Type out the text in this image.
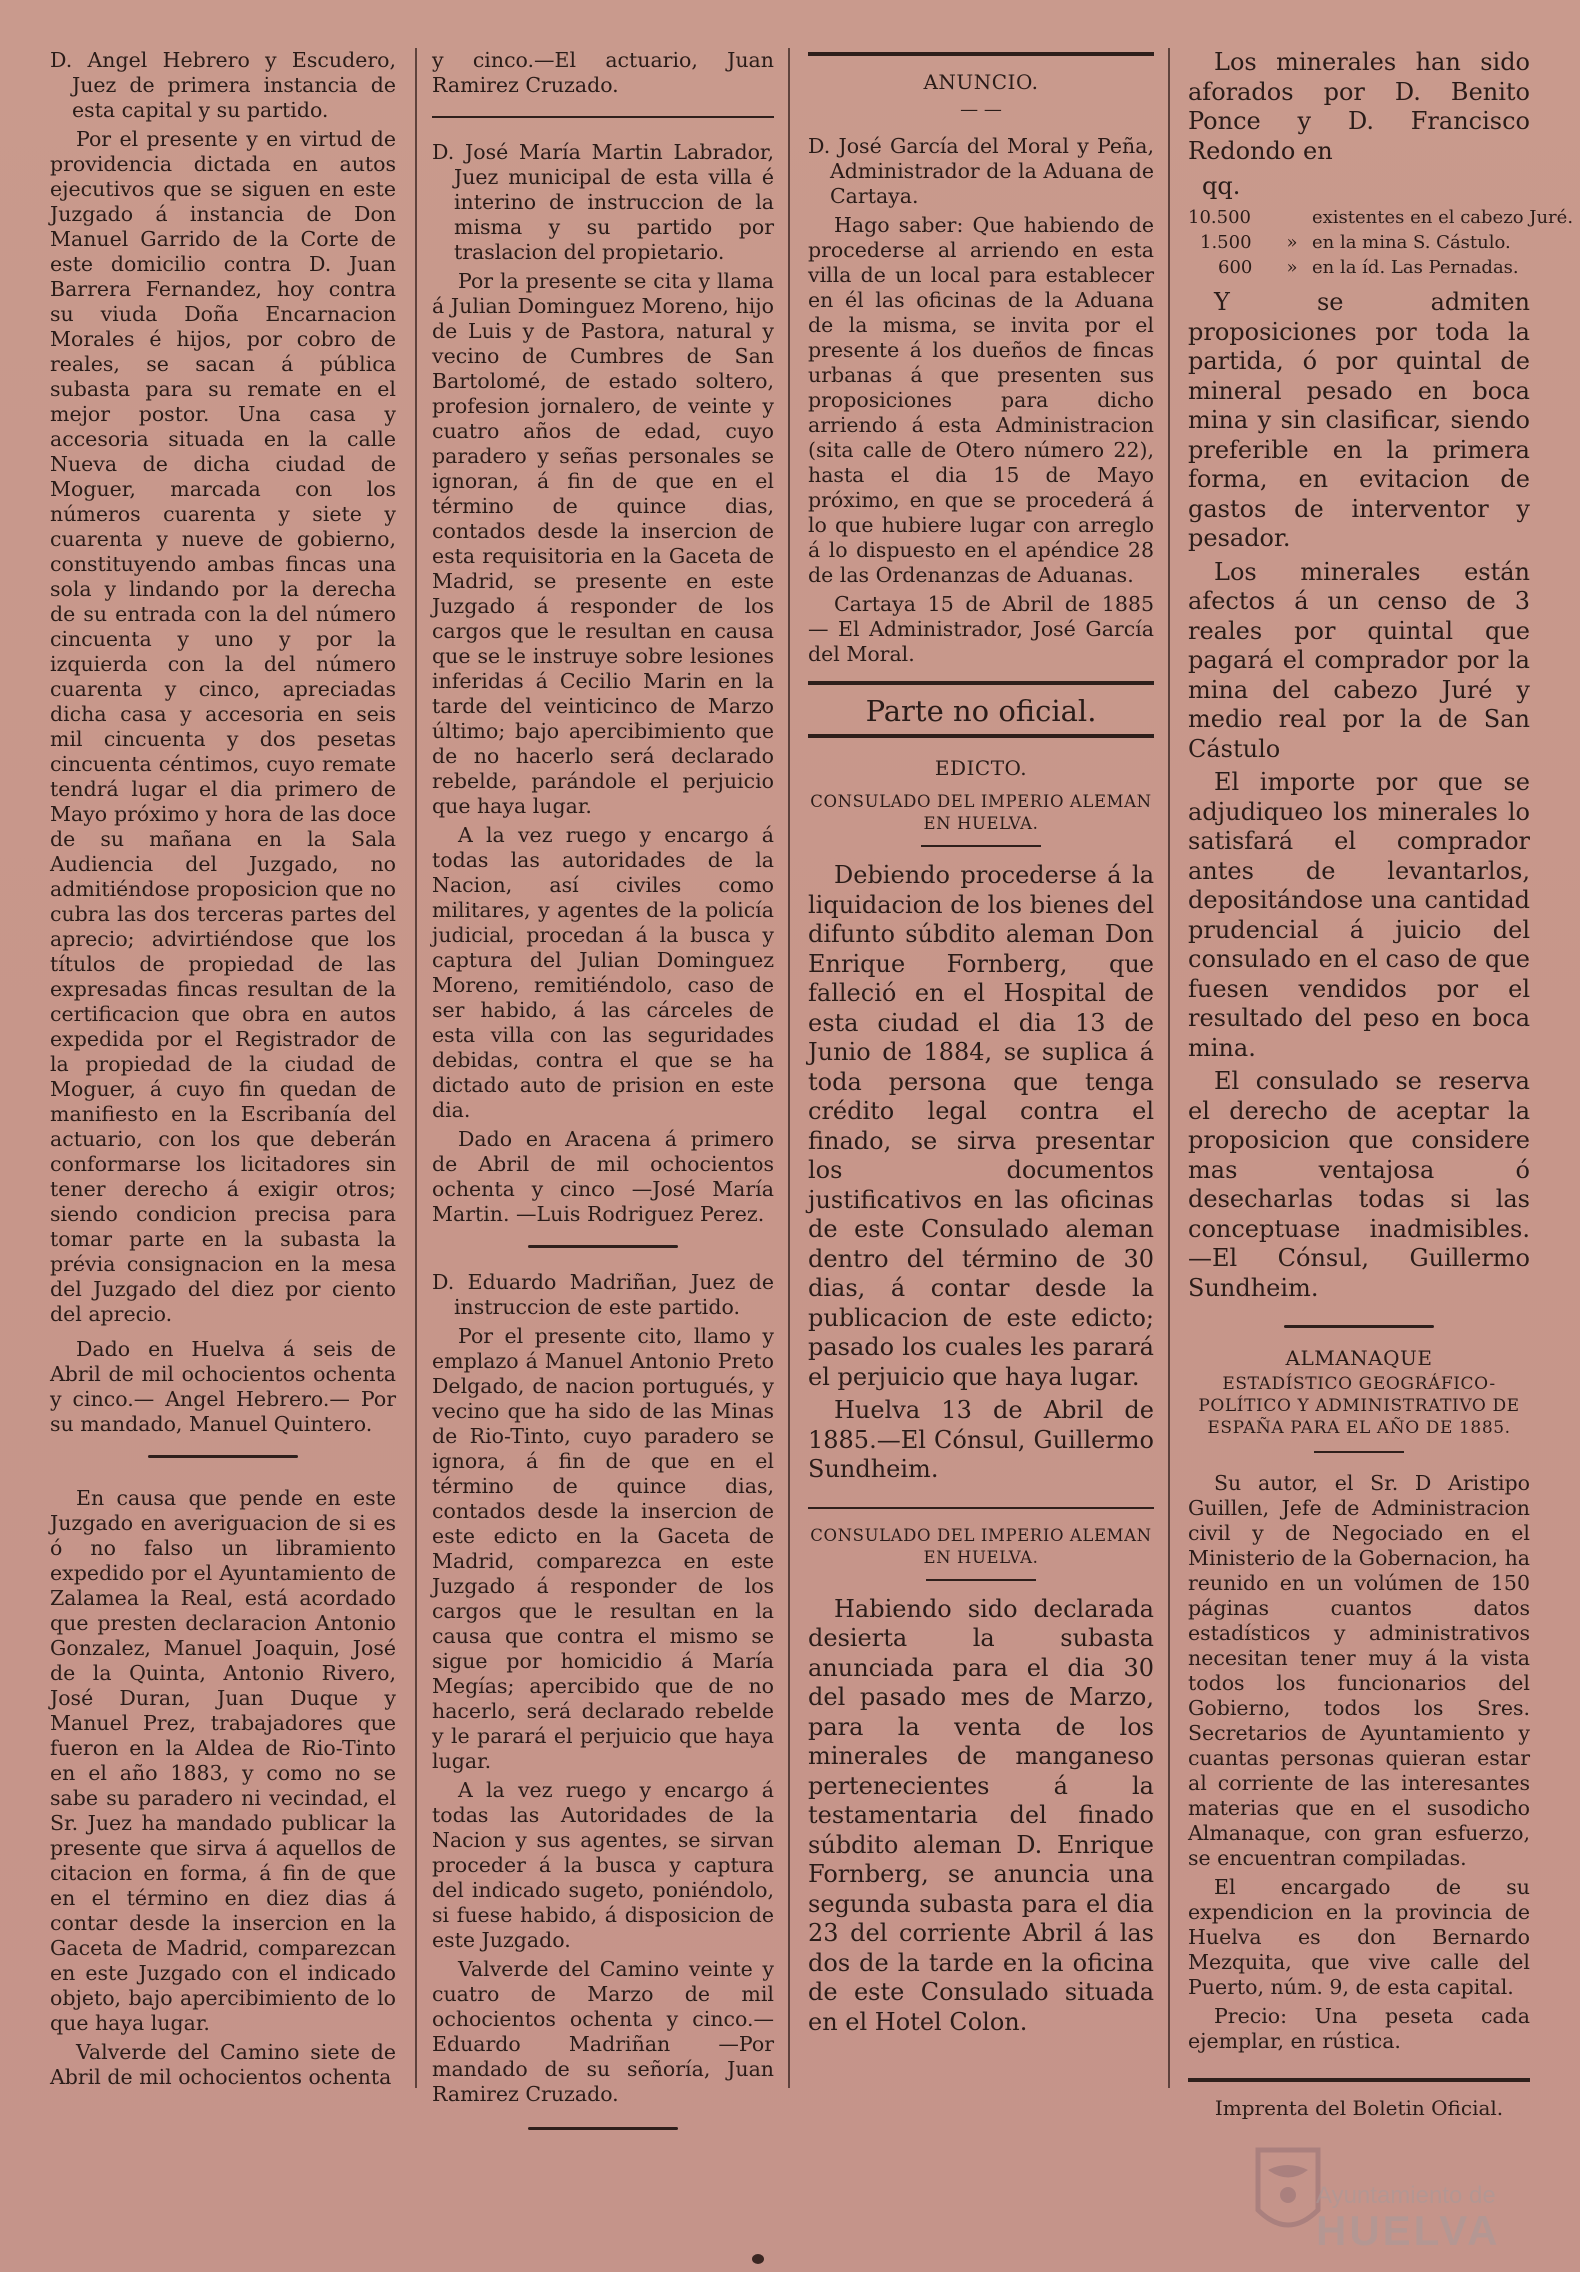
D. Angel Hebrero y Escudero, Juez de primera instancia de esta capital y su partido.

Por el presente y en virtud de providencia dictada en autos ejecutivos que se siguen en este Juzgado á instancia de Don Manuel Garrido de la Corte de este domicilio contra D. Juan Barrera Fernandez, hoy contra su viuda Doña Encarnacion Morales é hijos, por cobro de reales, se sacan á pública subasta para su remate en el mejor postor. Una casa y accesoria situada en la calle Nueva de dicha ciudad de Moguer, marcada con los números cuarenta y siete y cuarenta y nueve de gobierno, constituyendo ambas fincas una sola y lindando por la derecha de su entrada con la del número cincuenta y uno y por la izquierda con la del número cuarenta y cinco, apreciadas dicha casa y accesoria en seis mil cincuenta y dos pesetas cincuenta céntimos, cuyo remate tendrá lugar el dia primero de Mayo próximo y hora de las doce de su mañana en la Sala Audiencia del Juzgado, no admitiéndose proposicion que no cubra las dos terceras partes del aprecio; advirtiéndose que los títulos de propiedad de las expresadas fincas resultan de la certificacion que obra en autos expedida por el Registrador de la propiedad de la ciudad de Moguer, á cuyo fin quedan de manifiesto en la Escribanía del actuario, con los que deberán conformarse los licitadores sin tener derecho á exigir otros; siendo condicion precisa para tomar parte en la subasta la prévia consignacion en la mesa del Juzgado del diez por ciento del aprecio.

Dado en Huelva á seis de Abril de mil ochocientos ochenta y cinco.— Angel Hebrero.— Por su mandado, Manuel Quintero.

En causa que pende en este Juzgado en averiguacion de si es ó no falso un libramiento expedido por el Ayuntamiento de Zalamea la Real, está acordado que presten declaracion Antonio Gonzalez, Manuel Joaquin, José de la Quinta, Antonio Rivero, José Duran, Juan Duque y Manuel Prez, trabajadores que fueron en la Aldea de Rio-Tinto en el año 1883, y como no se sabe su paradero ni vecindad, el Sr. Juez ha mandado publicar la presente que sirva á aquellos de citacion en forma, á fin de que en el término en diez dias á contar desde la insercion en la Gaceta de Madrid, comparezcan en este Juzgado con el indicado objeto, bajo apercibimiento de lo que haya lugar.

Valverde del Camino siete de Abril de mil ochocientos ochenta

y cinco.—El actuario, Juan Ramirez Cruzado.

D. José María Martin Labrador, Juez municipal de esta villa é interino de instruccion de la misma y su partido por traslacion del propietario.

Por la presente se cita y llama á Julian Dominguez Moreno, hijo de Luis y de Pastora, natural y vecino de Cumbres de San Bartolomé, de estado soltero, profesion jornalero, de veinte y cuatro años de edad, cuyo paradero y señas personales se ignoran, á fin de que en el término de quince dias, contados desde la insercion de esta requisitoria en la Gaceta de Madrid, se presente en este Juzgado á responder de los cargos que le resultan en causa que se le instruye sobre lesiones inferidas á Cecilio Marin en la tarde del veinticinco de Marzo último; bajo apercibimiento que de no hacerlo será declarado rebelde, parándole el perjuicio que haya lugar.

A la vez ruego y encargo á todas las autoridades de la Nacion, así civiles como militares, y agentes de la policía judicial, procedan á la busca y captura del Julian Dominguez Moreno, remitiéndolo, caso de ser habido, á las cárceles de esta villa con las seguridades debidas, contra el que se ha dictado auto de prision en este dia.

Dado en Aracena á primero de Abril de mil ochocientos ochenta y cinco —José María Martin. —Luis Rodriguez Perez.

D. Eduardo Madriñan, Juez de instruccion de este partido.

Por el presente cito, llamo y emplazo á Manuel Antonio Preto Delgado, de nacion portugués, y vecino que ha sido de las Minas de Rio-Tinto, cuyo paradero se ignora, á fin de que en el término de quince dias, contados desde la insercion de este edicto en la Gaceta de Madrid, comparezca en este Juzgado á responder de los cargos que le resultan en la causa que contra el mismo se sigue por homicidio á María Megías; apercibido que de no hacerlo, será declarado rebelde y le parará el perjuicio que haya lugar.

A la vez ruego y encargo á todas las Autoridades de la Nacion y sus agentes, se sirvan proceder á la busca y captura del indicado sugeto, poniéndolo, si fuese habido, á disposicion de este Juzgado.

Valverde del Camino veinte y cuatro de Marzo de mil ochocientos ochenta y cinco.—Eduardo Madriñan —Por mandado de su señoría, Juan Ramirez Cruzado.

ANUNCIO.
— —

D. José García del Moral y Peña, Administrador de la Aduana de Cartaya.

Hago saber: Que habiendo de procederse al arriendo en esta villa de un local para establecer en él las oficinas de la Aduana de la misma, se invita por el presente á los dueños de fincas urbanas á que presenten sus proposiciones para dicho arriendo á esta Administracion (sita calle de Otero número 22), hasta el dia 15 de Mayo próximo, en que se procederá á lo que hubiere lugar con arreglo á lo dispuesto en el apéndice 28 de las Ordenanzas de Aduanas.

Cartaya 15 de Abril de 1885 — El Administrador, José García del Moral.

Parte no oficial.
EDICTO.
CONSULADO DEL IMPERIO ALEMAN EN HUELVA.

Debiendo procederse á la liquidacion de los bienes del difunto súbdito aleman Don Enrique Fornberg, que falleció en el Hospital de esta ciudad el dia 13 de Junio de 1884, se suplica á toda persona que tenga crédito legal contra el finado, se sirva presentar los documentos justificativos en las oficinas de este Consulado aleman dentro del término de 30 dias, á contar desde la publicacion de este edicto; pasado los cuales les parará el perjuicio que haya lugar.

Huelva 13 de Abril de 1885.—El Cónsul, Guillermo Sundheim.

CONSULADO DEL IMPERIO ALEMAN EN HUELVA.

Habiendo sido declarada desierta la subasta anunciada para el dia 30 del pasado mes de Marzo, para la venta de los minerales de manganeso pertenecientes á la testamentaria del finado súbdito aleman D. Enrique Fornberg, se anuncia una segunda subasta para el dia 23 del corriente Abril á las dos de la tarde en la oficina de este Consulado situada en el Hotel Colon.

Los minerales han sido aforados por D. Benito Ponce y D. Francisco Redondo en

qq.
10.500	existentes en el cabezo Juré.
1.500 » en la mina S. Cástulo.
600 » en la íd. Las Pernadas.

Y se admiten proposiciones por toda la partida, ó por quintal de mineral pesado en boca mina y sin clasificar, siendo preferible en la primera forma, en evitacion de gastos de interventor y pesador.

Los minerales están afectos á un censo de 3 reales por quintal que pagará el comprador por la mina del cabezo Juré y medio real por la de San Cástulo

El importe por que se adjudiqueo los minerales lo satisfará el comprador antes de levantarlos, depositándose una cantidad prudencial á juicio del consulado en el caso de que fuesen vendidos por el resultado del peso en boca mina.

El consulado se reserva el derecho de aceptar la proposicion que considere mas ventajosa ó desecharlas todas si las conceptuase inadmisibles. —El Cónsul, Guillermo Sundheim.

ALMANAQUE
ESTADÍSTICO GEOGRÁFICO-POLÍTICO Y ADMINISTRATIVO DE ESPAÑA PARA EL AÑO DE 1885.

Su autor, el Sr. D Aristipo Guillen, Jefe de Administracion civil y de Negociado en el Ministerio de la Gobernacion, ha reunido en un volúmen de 150 páginas cuantos datos estadísticos y administrativos necesitan tener muy á la vista todos los funcionarios del Gobierno, todos los Sres. Secretarios de Ayuntamiento y cuantas personas quieran estar al corriente de las interesantes materias que en el susodicho Almanaque, con gran esfuerzo, se encuentran compiladas.

El encargado de su expendicion en la provincia de Huelva es don Bernardo Mezquita, que vive calle del Puerto, núm. 9, de esta capital.

Precio: Una peseta cada ejemplar, en rústica.

Imprenta del Boletin Oficial.

Ayuntamiento de
HUELVA
